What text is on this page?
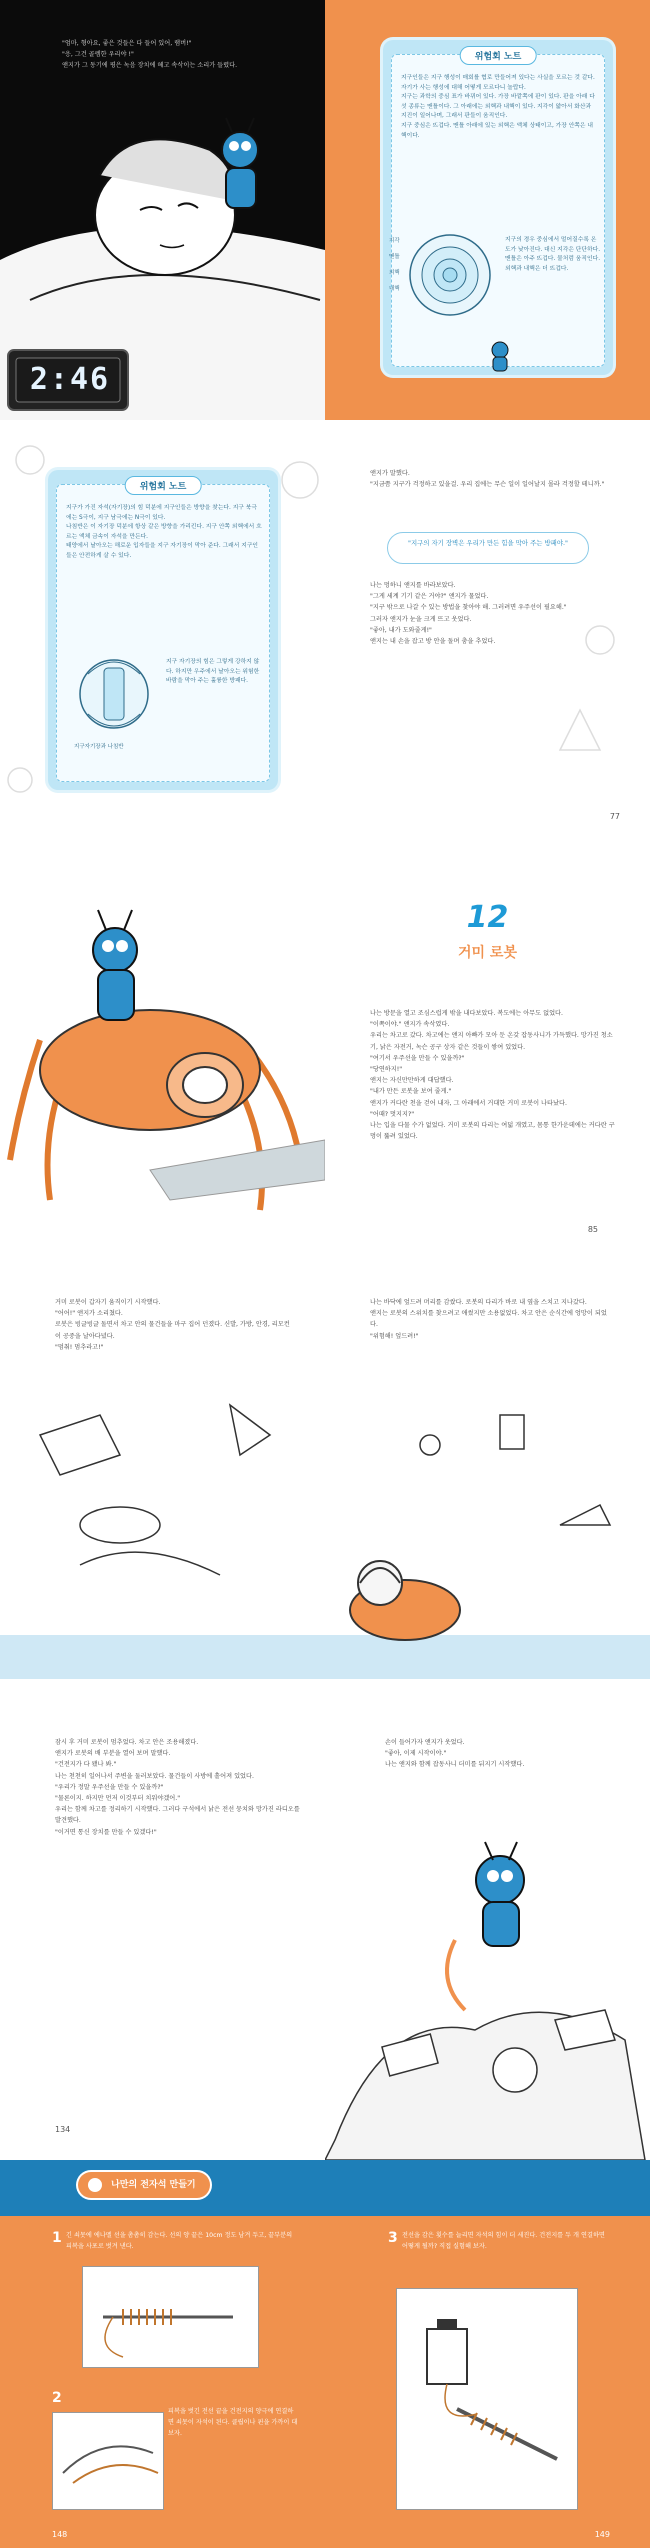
"엄마, 형아요, 좋은 것들은 다 들어 있어, 램버!"
"응, 그건 골렘한 우리야 !"
앤지가 그 동기에 평은 녹음 장치에 헤고 속삭이는 소리가 들렸다.

2:46
위험회 노트

지구인들은 지구 행성이 매회를 협로 만들어져 있다는 사실을 모르는 것 같다. 자기가 사는 행성에 대해 어떻게 모르다니 놀랍다.
지구는 과학의 중심 표가 바뀌어 있다. 가장 바깥쪽에 판이 있다. 판을 아래 다섯 종류는 맨틀이다. 그 아래에는 외핵과 내핵이 있다. 지각이 얇아서 화산과 지진이 일어나며, 그래서 판들이 움직인다.
지구 중심은 뜨겁다. 맨틀 아래에 있는 외핵은 액체 상태이고, 가장 안쪽은 내핵이다.

지각
맨틀
외핵
내핵

지구의 경우 중심에서 멀어질수록 온도가 낮아진다. 대신 지각은 단단하다. 맨틀은 아주 뜨겁다. 물처럼 움직인다. 외핵과 내핵은 더 뜨겁다.

위험회 노트

지구가 가진 자석(자기장)의 힘 덕분에 지구인들은 방향을 찾는다. 지구 북극에는 S극이, 지구 남극에는 N극이 있다.
나침반은 이 자기장 덕분에 항상 같은 방향을 가리킨다. 지구 안쪽 외핵에서 흐르는 액체 금속이 자석을 만든다.
태양에서 날아오는 해로운 입자들을 지구 자기장이 막아 준다. 그래서 지구인들은 안전하게 살 수 있다.

지구 자기장의 힘은 그렇게 강하지 않다. 하지만 우주에서 날아오는 위험한 바람을 막아 주는 훌륭한 방패다.

지구자기장과 나침반

앤지가 말했다.
"지금쯤 지구가 걱정하고 있을걸. 우리 집에는 무슨 일이 일어날지 몰라 걱정할 테니까."

"지구의 자기 장벽은 우리가 만든 힘을 막아 주는 방패야."

나는 멍하니 앤지를 바라보았다.
"그게 세계 기기 같은 거야?" 앤지가 물었다.
"지구 밖으로 나갈 수 있는 방법을 찾아야 해. 그러려면 우주선이 필요해."
그러자 앤지가 눈을 크게 뜨고 웃었다.
"좋아, 내가 도와줄게!"
앤지는 내 손을 잡고 방 안을 돌며 춤을 추었다.

77
12
거미 로봇

나는 방문을 열고 조심스럽게 밖을 내다보았다. 복도에는 아무도 없었다.
"이쪽이야." 앤지가 속삭였다.
우리는 차고로 갔다. 차고에는 앤지 아빠가 모아 둔 온갖 잡동사니가 가득했다. 망가진 청소기, 낡은 자전거, 녹슨 공구 상자 같은 것들이 쌓여 있었다.
"여기서 우주선을 만들 수 있을까?"
"당연하지!"
앤지는 자신만만하게 대답했다.
"내가 만든 로봇을 보여 줄게."
앤지가 커다란 천을 걷어 내자, 그 아래에서 거대한 거미 로봇이 나타났다.
"어때? 멋지지?"
나는 입을 다물 수가 없었다. 거미 로봇의 다리는 여덟 개였고, 몸통 한가운데에는 커다란 구멍이 뚫려 있었다.

85

거미 로봇이 갑자기 움직이기 시작했다.
"어어!" 앤지가 소리쳤다.
로봇은 빙글빙글 돌면서 차고 안의 물건들을 마구 집어 던졌다. 신발, 가방, 안경, 리모컨이 공중을 날아다녔다.
"멈춰! 멈추라고!"

나는 바닥에 엎드려 머리를 감쌌다. 로봇의 다리가 바로 내 옆을 스치고 지나갔다.
앤지는 로봇의 스위치를 찾으려고 애썼지만 소용없었다. 차고 안은 순식간에 엉망이 되었다.
"위험해! 엎드려!"

잠시 후 거미 로봇이 멈추었다. 차고 안은 조용해졌다.
앤지가 로봇의 배 부분을 열어 보며 말했다.
"건전지가 다 됐나 봐."
나는 천천히 일어나서 주변을 둘러보았다. 물건들이 사방에 흩어져 있었다.
"우리가 정말 우주선을 만들 수 있을까?"
"물론이지. 하지만 먼저 이것부터 치워야겠어."
우리는 함께 차고를 정리하기 시작했다. 그러다 구석에서 낡은 전선 뭉치와 망가진 라디오를 발견했다.
"이거면 통신 장치를 만들 수 있겠다!"

134

손이 들어가자 앤지가 웃었다.
"좋아, 이제 시작이야."
나는 앤지와 함께 잡동사니 더미를 뒤지기 시작했다.

나만의 전자석 만들기
1 긴 쇠못에 에나멜 선을 촘촘히 감는다. 선의 양 끝은 10cm 정도 남겨 두고, 끝부분의 피복을 사포로 벗겨 낸다.

2

피복을 벗긴 전선 끝을 건전지의 양극에 연결하면 쇠못이 자석이 된다. 클립이나 핀을 가까이 대 보자.

148
3 전선을 감은 횟수를 늘리면 자석의 힘이 더 세진다. 건전지를 두 개 연결하면 어떻게 될까? 직접 실험해 보자.

149
